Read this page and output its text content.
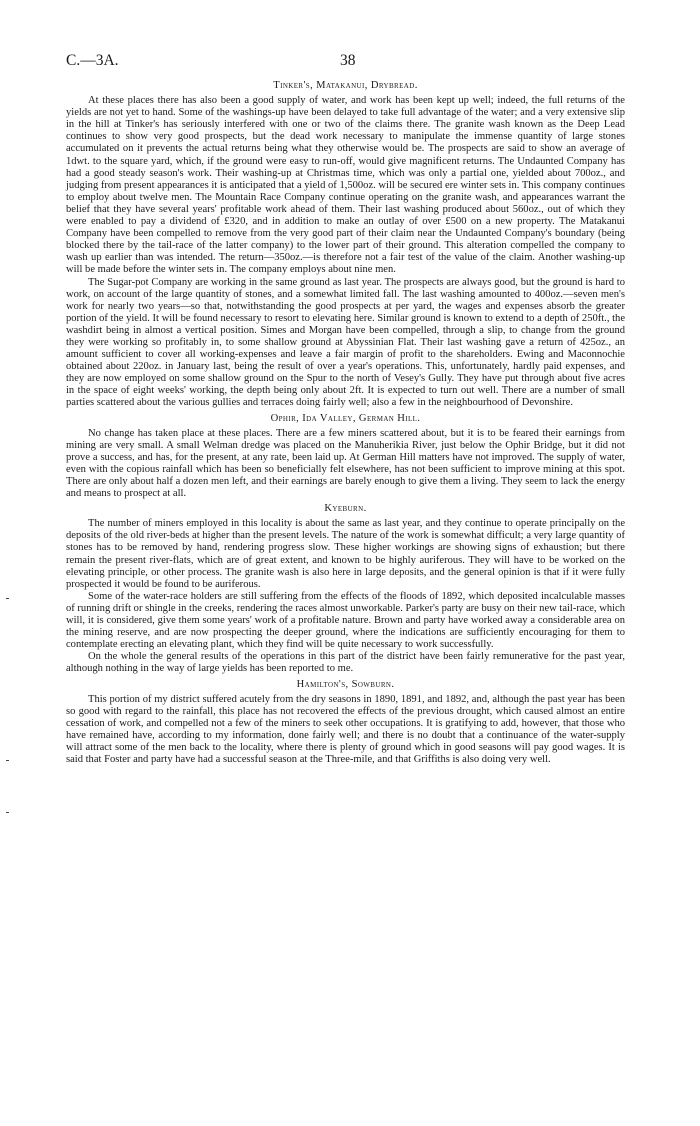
C.—3A.	38
Tinker's, Matakanui, Drybread.

At these places there has also been a good supply of water, and work has been kept up well; indeed, the full returns of the yields are not yet to hand. Some of the washings-up have been delayed to take full advantage of the water; and a very extensive slip in the hill at Tinker's has seriously interfered with one or two of the claims there. The granite wash known as the Deep Lead continues to show very good prospects, but the dead work necessary to manipulate the immense quantity of large stones accumulated on it prevents the actual returns being what they otherwise would be. The prospects are said to show an average of 1dwt. to the square yard, which, if the ground were easy to run-off, would give magnificent returns. The Undaunted Company has had a good steady season's work. Their washing-up at Christmas time, which was only a partial one, yielded about 700oz., and judging from present appearances it is anticipated that a yield of 1,500oz. will be secured ere winter sets in. This company continues to employ about twelve men. The Mountain Race Company continue operating on the granite wash, and appearances warrant the belief that they have several years' profitable work ahead of them. Their last washing produced about 560oz., out of which they were enabled to pay a dividend of £320, and in addition to make an outlay of over £500 on a new property. The Matakanui Company have been compelled to remove from the very good part of their claim near the Undaunted Company's boundary (being blocked there by the tail-race of the latter company) to the lower part of their ground. This alteration compelled the company to wash up earlier than was intended. The return—350oz.—is therefore not a fair test of the value of the claim. Another washing-up will be made before the winter sets in. The company employs about nine men.

The Sugar-pot Company are working in the same ground as last year. The prospects are always good, but the ground is hard to work, on account of the large quantity of stones, and a somewhat limited fall. The last washing amounted to 400oz.—seven men's work for nearly two years—so that, notwithstanding the good prospects at per yard, the wages and expenses absorb the greater portion of the yield. It will be found necessary to resort to elevating here. Similar ground is known to extend to a depth of 250ft., the washdirt being in almost a vertical position. Simes and Morgan have been compelled, through a slip, to change from the ground they were working so profitably in, to some shallow ground at Abyssinian Flat. Their last washing gave a return of 425oz., an amount sufficient to cover all working-expenses and leave a fair margin of profit to the shareholders. Ewing and Maconnochie obtained about 220oz. in January last, being the result of over a year's operations. This, unfortunately, hardly paid expenses, and they are now employed on some shallow ground on the Spur to the north of Vesey's Gully. They have put through about five acres in the space of eight weeks' working, the depth being only about 2ft. It is expected to turn out well. There are a number of small parties scattered about the various gullies and terraces doing fairly well; also a few in the neighbourhood of Devonshire.

Ophir, Ida Valley, German Hill.

No change has taken place at these places. There are a few miners scattered about, but it is to be feared their earnings from mining are very small. A small Welman dredge was placed on the Manuherikia River, just below the Ophir Bridge, but it did not prove a success, and has, for the present, at any rate, been laid up. At German Hill matters have not improved. The supply of water, even with the copious rainfall which has been so beneficially felt elsewhere, has not been sufficient to improve mining at this spot. There are only about half a dozen men left, and their earnings are barely enough to give them a living. They seem to lack the energy and means to prospect at all.

Kyeburn.

The number of miners employed in this locality is about the same as last year, and they continue to operate principally on the deposits of the old river-beds at higher than the present levels. The nature of the work is somewhat difficult; a very large quantity of stones has to be removed by hand, rendering progress slow. These higher workings are showing signs of exhaustion; but there remain the present river-flats, which are of great extent, and known to be highly auriferous. They will have to be worked on the elevating principle, or other process. The granite wash is also here in large deposits, and the general opinion is that if it were fully prospected it would be found to be auriferous.

Some of the water-race holders are still suffering from the effects of the floods of 1892, which deposited incalculable masses of running drift or shingle in the creeks, rendering the races almost unworkable. Parker's party are busy on their new tail-race, which will, it is considered, give them some years' work of a profitable nature. Brown and party have worked away a considerable area on the mining reserve, and are now prospecting the deeper ground, where the indications are sufficiently encouraging for them to contemplate erecting an elevating plant, which they find will be quite necessary to work successfully.

On the whole the general results of the operations in this part of the district have been fairly remunerative for the past year, although nothing in the way of large yields has been reported to me.

Hamilton's, Sowburn.

This portion of my district suffered acutely from the dry seasons in 1890, 1891, and 1892, and, although the past year has been so good with regard to the rainfall, this place has not recovered the effects of the previous drought, which caused almost an entire cessation of work, and compelled not a few of the miners to seek other occupations. It is gratifying to add, however, that those who have remained have, according to my information, done fairly well; and there is no doubt that a continuance of the water-supply will attract some of the men back to the locality, where there is plenty of ground which in good seasons will pay good wages. It is said that Foster and party have had a successful season at the Three-mile, and that Griffiths is also doing very well.
